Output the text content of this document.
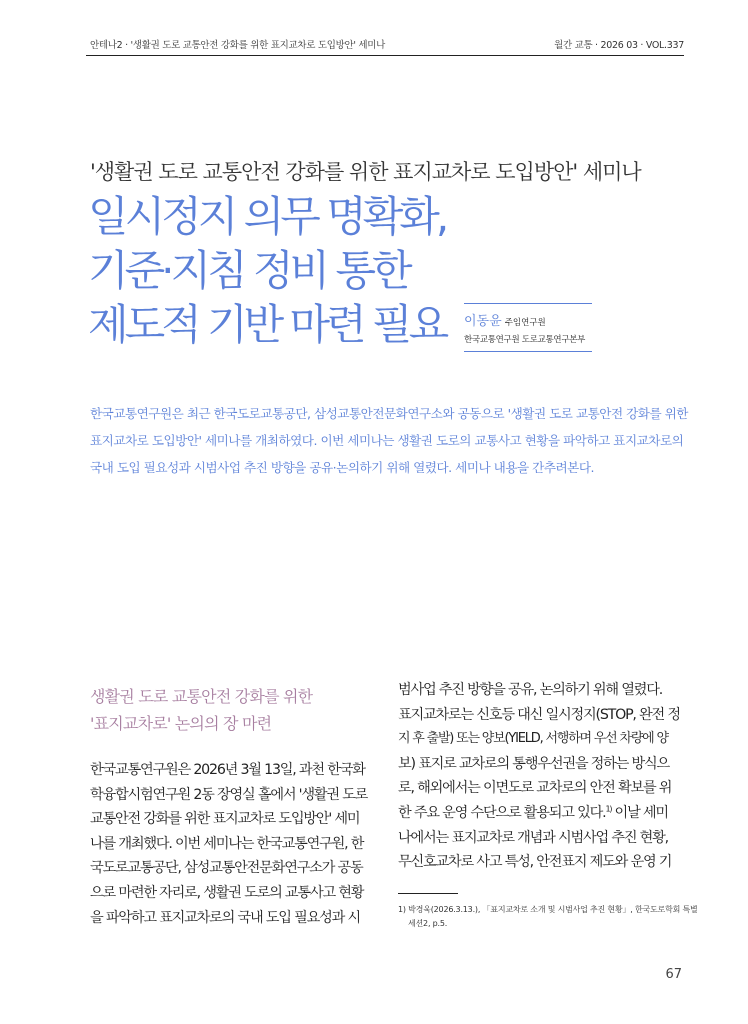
안테나2 · '생활권 도로 교통안전 강화를 위한 표지교차로 도입방안' 세미나	월간 교통 · 2026 03 · VOL.337
'생활권 도로 교통안전 강화를 위한 표지교차로 도입방안' 세미나
일시정지 의무 명확화,
기준·지침 정비 통한
제도적 기반 마련 필요 이동윤 주임연구원
한국교통연구원 도로교통연구본부

한국교통연구원은 최근 한국도로교통공단, 삼성교통안전문화연구소와 공동으로 '생활권 도로 교통안전 강화를 위한 표지교차로 도입방안' 세미나를 개최하였다. 이번 세미나는 생활권 도로의 교통사고 현황을 파악하고 표지교차로의 국내 도입 필요성과 시범사업 추진 방향을 공유·논의하기 위해 열렸다. 세미나 내용을 간추려본다.

생활권 도로 교통안전 강화를 위한
'표지교차로' 논의의 장 마련
한국교통연구원은 2026년 3월 13일, 과천 한국화
학융합시험연구원 2동 장영실 홀에서 '생활권 도로
교통안전 강화를 위한 표지교차로 도입방안' 세미
나를 개최했다. 이번 세미나는 한국교통연구원, 한
국도로교통공단, 삼성교통안전문화연구소가 공동
으로 마련한 자리로, 생활권 도로의 교통사고 현황
을 파악하고 표지교차로의 국내 도입 필요성과 시
범사업 추진 방향을 공유, 논의하기 위해 열렸다.
표지교차로는 신호등 대신 일시정지(STOP, 완전 정
지 후 출발) 또는 양보(YIELD, 서행하며 우선 차량에 양
보) 표지로 교차로의 통행우선권을 정하는 방식으
로, 해외에서는 이면도로 교차로의 안전 확보를 위
한 주요 운영 수단으로 활용되고 있다.$^{1)}$ 이날 세미
나에서는 표지교차로 개념과 시범사업 추진 현황,
무신호교차로 사고 특성, 안전표지 제도와 운영 기
1) 박경욱(2026.3.13.), 「표지교차로 소개 및 시범사업 추진 현황」, 한국도로학회 특별
세션2, p.5.
67
